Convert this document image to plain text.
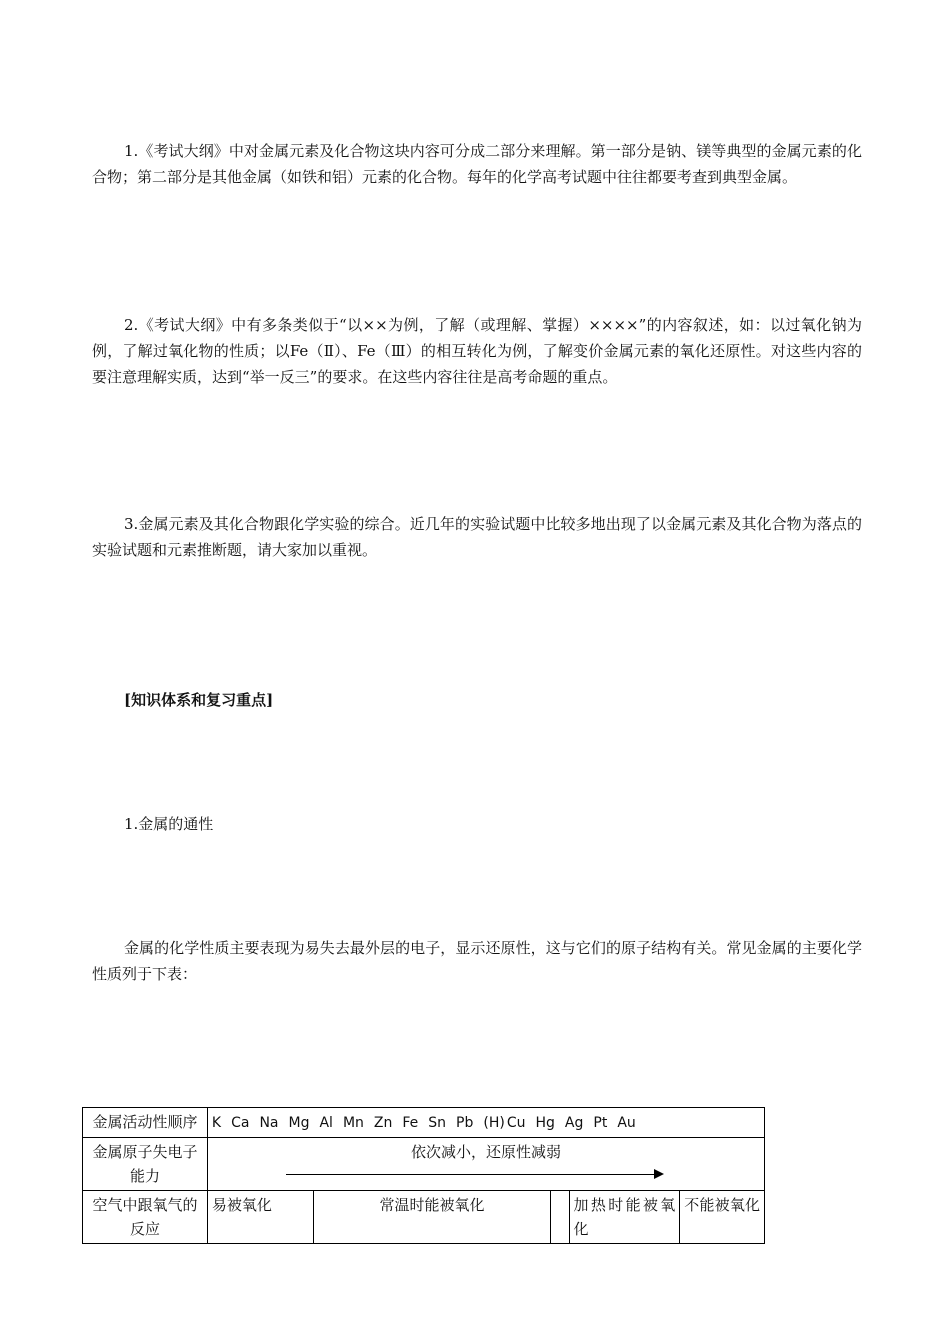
1.《考试大纲》中对金属元素及化合物这块内容可分成二部分来理解。第一部分是钠、镁等典型的金属元素的化合物；第二部分是其他金属（如铁和铝）元素的化合物。每年的化学高考试题中往往都要考查到典型金属。

2.《考试大纲》中有多条类似于“以××为例，了解（或理解、掌握）××××”的内容叙述，如：以过氧化钠为例，了解过氧化物的性质；以Fe（Ⅱ）、Fe（Ⅲ）的相互转化为例，了解变价金属元素的氧化还原性。对这些内容的要注意理解实质，达到“举一反三”的要求。在这些内容往往是高考命题的重点。

3.金属元素及其化合物跟化学实验的综合。近几年的实验试题中比较多地出现了以金属元素及其化合物为落点的实验试题和元素推断题，请大家加以重视。

[知识体系和复习重点]

1.金属的通性

金属的化学性质主要表现为易失去最外层的电子，显示还原性，这与它们的原子结构有关。常见金属的主要化学性质列于下表：

金属活动性顺序	K Ca Na Mg Al Mn Zn Fe Sn Pb (H) Cu Hg Ag Pt Au				
金属原子失电子能力	依次减小，还原性减弱				

空气中跟氧气的反应	易被氧化	常温时能被氧化		加热时能被氧化	不能被氧化
